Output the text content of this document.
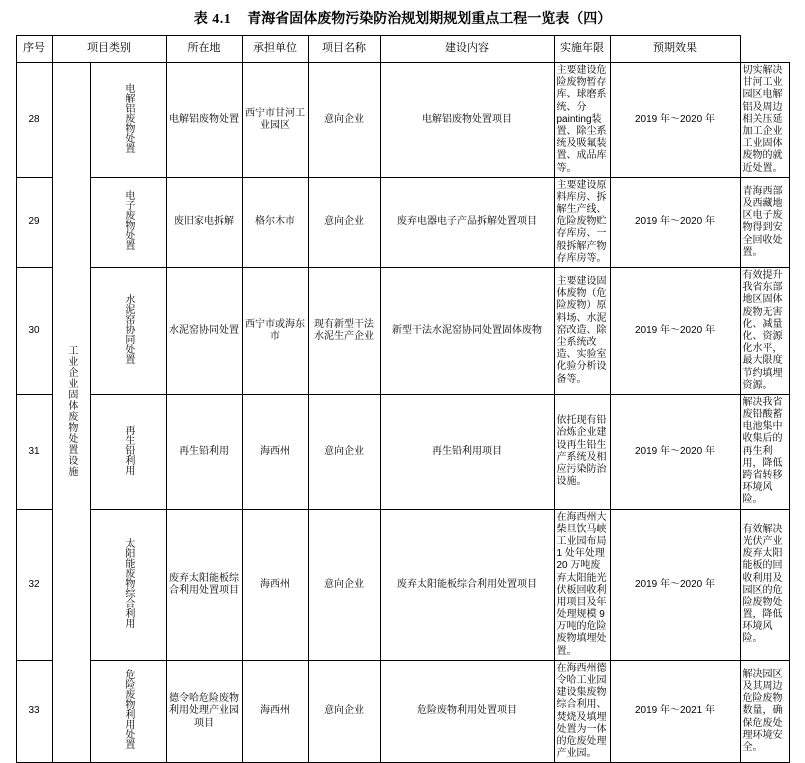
表 4.1 青海省固体废物污染防治规划期规划重点工程一览表（四）
序号	项目类别		所在地	承担单位	项目名称	建设内容	实施年限	预期效果	
28	工业企业固体废物处置设施	电解铝废物处置	电解铝废物处置	西宁市甘河工业园区	意向企业	电解铝废物处置项目	主要建设危险废物暂存库、球磨系统、分painting装置、除尘系统及吸氟装置、成品库等。	2019 年～2020 年	切实解决甘河工业园区电解铝及周边相关压延加工企业工业固体废物的就近处置。
29		电子废物处置	废旧家电拆解	格尔木市	意向企业	废弃电器电子产品拆解处置项目	主要建设原料库房、拆解生产线、危险废物贮存库房、一般拆解产物存库房等。	2019 年～2020 年	青海西部及西藏地区电子废物得到安全回收处置。
30		水泥窑协同处置	水泥窑协同处置	西宁市或海东市	现有新型干法水泥生产企业	新型干法水泥窑协同处置固体废物	主要建设固体废物（危险废物）原料场、水泥窑改造、除尘系统改造、实验室化验分析设备等。	2019 年～2020 年	有效提升我省东部地区固体废物无害化、减量化、资源化水平，最大限度节约填埋资源。
31		再生铅利用	再生铅利用	海西州	意向企业	再生铅利用项目	依托现有铅冶炼企业建设再生铅生产系统及相应污染防治设施。	2019 年～2020 年	解决我省废铅酸蓄电池集中收集后的再生利用，降低跨省转移环境风险。
32		太阳能废物综合利用	废弃太阳能板综合利用处置项目	海西州	意向企业	废弃太阳能板综合利用处置项目	在海西州大柴旦饮马峡工业园布局 1 处年处理 20 万吨废弃太阳能光伏板回收利用项目及年处理规模 9 万吨的危险废物填埋处置。	2019 年～2020 年	有效解决光伏产业废弃太阳能板的回收利用及园区的危险废物处置，降低环境风险。
33		危险废物利用处置	德令哈危险废物利用处理产业园项目	海西州	意向企业	危险废物利用处置项目	在海西州德令哈工业园建设集废物综合利用、焚烧及填埋处置为一体的危废处理产业园。	2019 年～2021 年	解决园区及其周边危险废物数量，确保危废处理环境安全。
